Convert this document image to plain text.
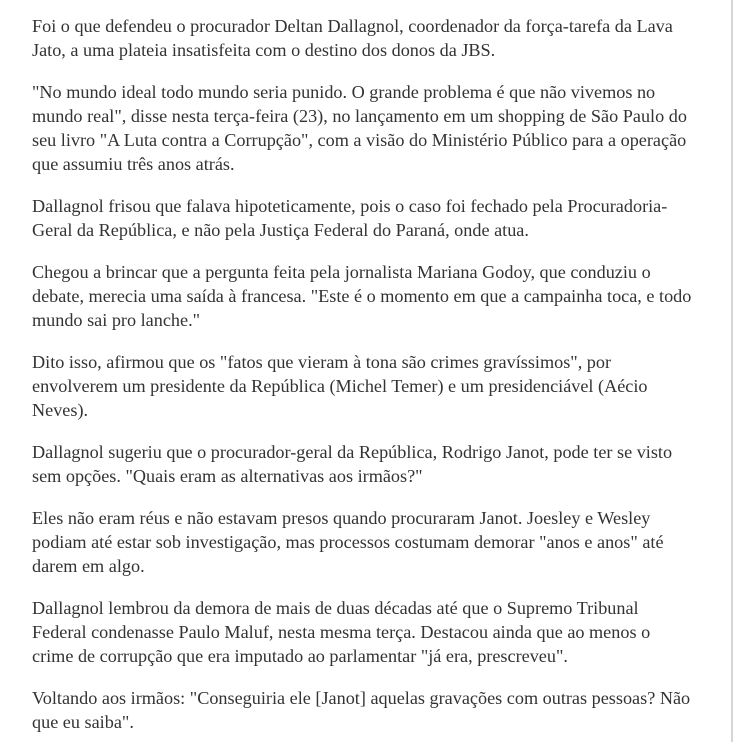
Foi o que defendeu o procurador Deltan Dallagnol, coordenador da força-tarefa da Lava Jato, a uma plateia insatisfeita com o destino dos donos da JBS.

"No mundo ideal todo mundo seria punido. O grande problema é que não vivemos no mundo real", disse nesta terça-feira (23), no lançamento em um shopping de São Paulo do seu livro "A Luta contra a Corrupção", com a visão do Ministério Público para a operação que assumiu três anos atrás.

Dallagnol frisou que falava hipoteticamente, pois o caso foi fechado pela Procuradoria-Geral da República, e não pela Justiça Federal do Paraná, onde atua.

Chegou a brincar que a pergunta feita pela jornalista Mariana Godoy, que conduziu o debate, merecia uma saída à francesa. "Este é o momento em que a campainha toca, e todo mundo sai pro lanche."

Dito isso, afirmou que os "fatos que vieram à tona são crimes gravíssimos", por envolverem um presidente da República (Michel Temer) e um presidenciável (Aécio Neves).

Dallagnol sugeriu que o procurador-geral da República, Rodrigo Janot, pode ter se visto sem opções. "Quais eram as alternativas aos irmãos?"

Eles não eram réus e não estavam presos quando procuraram Janot. Joesley e Wesley podiam até estar sob investigação, mas processos costumam demorar "anos e anos" até darem em algo.

Dallagnol lembrou da demora de mais de duas décadas até que o Supremo Tribunal Federal condenasse Paulo Maluf, nesta mesma terça. Destacou ainda que ao menos o crime de corrupção que era imputado ao parlamentar "já era, prescreveu".

Voltando aos irmãos: "Conseguiria ele [Janot] aquelas gravações com outras pessoas? Não que eu saiba".
